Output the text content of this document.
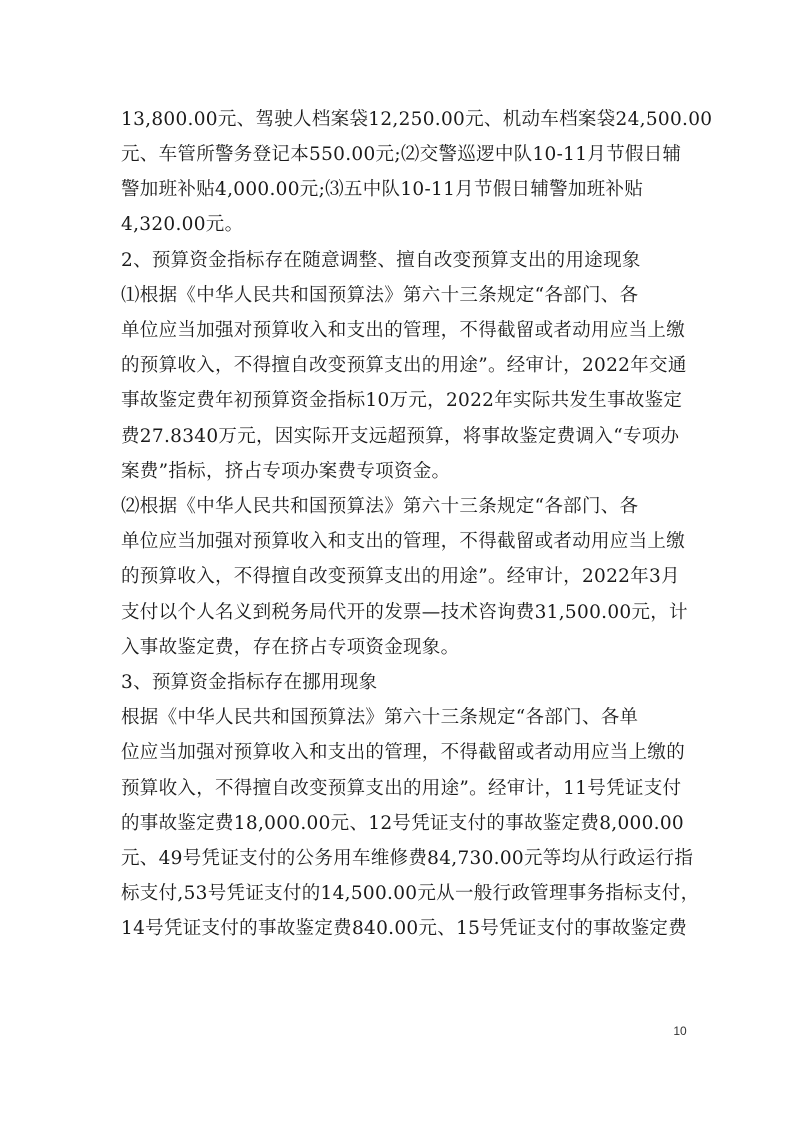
13,800.00元、驾驶人档案袋12,250.00元、机动车档案袋24,500.00
元、车管所警务登记本550.00元;⑵交警巡逻中队10-11月节假日辅
警加班补贴4,000.00元;⑶五中队10-11月节假日辅警加班补贴
4,320.00元。
2、预算资金指标存在随意调整、擅自改变预算支出的用途现象
⑴根据《中华人民共和国预算法》第六十三条规定“各部门、各
单位应当加强对预算收入和支出的管理，不得截留或者动用应当上缴
的预算收入，不得擅自改变预算支出的用途”。经审计，2022年交通
事故鉴定费年初预算资金指标10万元，2022年实际共发生事故鉴定
费27.8340万元，因实际开支远超预算，将事故鉴定费调入“专项办
案费”指标，挤占专项办案费专项资金。
⑵根据《中华人民共和国预算法》第六十三条规定“各部门、各
单位应当加强对预算收入和支出的管理，不得截留或者动用应当上缴
的预算收入，不得擅自改变预算支出的用途”。经审计，2022年3月
支付以个人名义到税务局代开的发票—技术咨询费31,500.00元，计
入事故鉴定费，存在挤占专项资金现象。
3、预算资金指标存在挪用现象
根据《中华人民共和国预算法》第六十三条规定“各部门、各单
位应当加强对预算收入和支出的管理，不得截留或者动用应当上缴的
预算收入，不得擅自改变预算支出的用途”。经审计，11号凭证支付
的事故鉴定费18,000.00元、12号凭证支付的事故鉴定费8,000.00
元、49号凭证支付的公务用车维修费84,730.00元等均从行政运行指
标支付,53号凭证支付的14,500.00元从一般行政管理事务指标支付，
14号凭证支付的事故鉴定费840.00元、15号凭证支付的事故鉴定费
10
